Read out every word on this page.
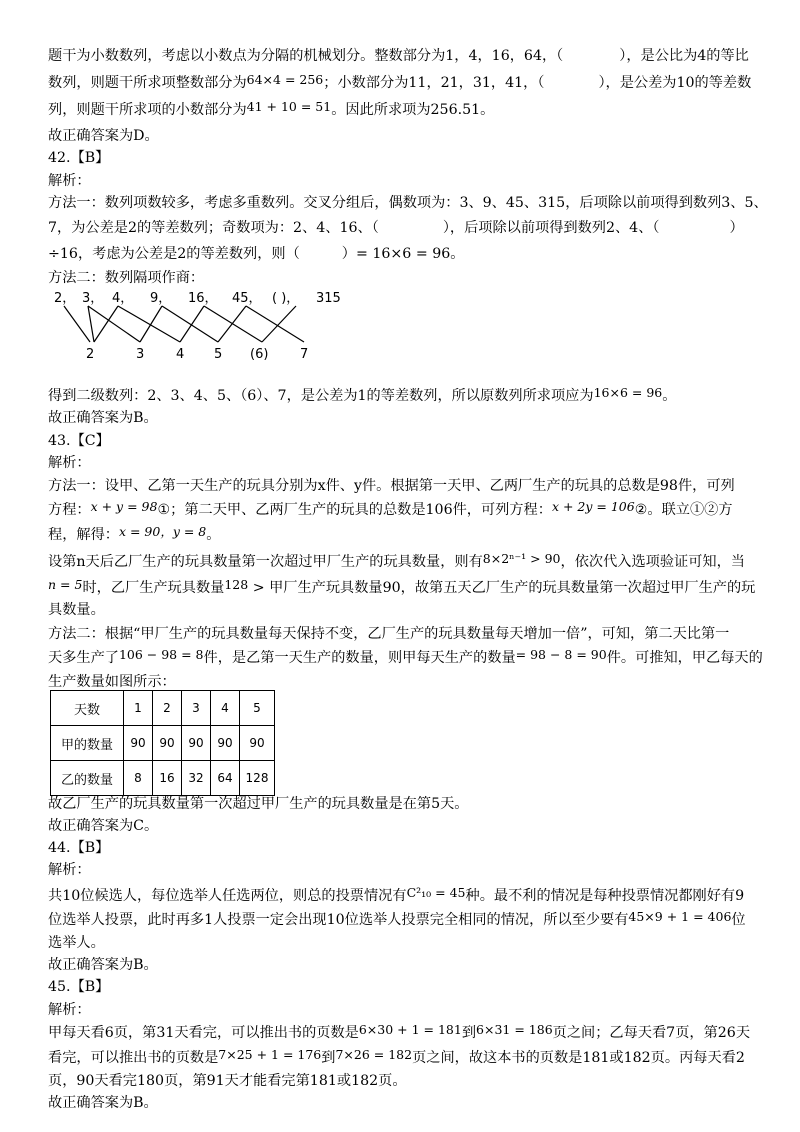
题干为小数数列，考虑以小数点为分隔的机械划分。整数部分为1，4，16，64，（	），是公比为4的等比
数列，则题干所求项整数部分为64×4 = 256；小数部分为11，21，31，41，（	），是公差为10的等差数
列，则题干所求项的小数部分为41 + 10 = 51。因此所求项为256.51。
故正确答案为D。
42.【B】
解析：
方法一：数列项数较多，考虑多重数列。交叉分组后，偶数项为：3、9、45、315，后项除以前项得到数列3、5、
7，为公差是2的等差数列；奇数项为：2、4、16、（	），后项除以前项得到数列2、4、（	）
÷16，考虑为公差是2的等差数列，则（	）= 16×6 = 96。
方法二：数列隔项作商：
2， 3， 4， 9， 16， 45， ( )， 315
2	3 4 5 (6) 7
得到二级数列：2、3、4、5、（6）、7，是公差为1的等差数列，所以原数列所求项应为16×6 = 96。
故正确答案为B。
43.【C】
解析：
方法一：设甲、乙第一天生产的玩具分别为x件、y件。根据第一天甲、乙两厂生产的玩具的总数是98件，可列
方程：x + y = 98①；第二天甲、乙两厂生产的玩具的总数是106件，可列方程：x + 2y = 106②。联立①②方
程，解得：x = 90，y = 8。
设第n天后乙厂生产的玩具数量第一次超过甲厂生产的玩具数量，则有8×2ⁿ⁻¹ > 90，依次代入选项验证可知，当
n = 5时，乙厂生产玩具数量128 > 甲厂生产玩具数量90，故第五天乙厂生产的玩具数量第一次超过甲厂生产的玩
具数量。
方法二：根据“甲厂生产的玩具数量每天保持不变，乙厂生产的玩具数量每天增加一倍”，可知，第二天比第一
天多生产了106 − 98 = 8件，是乙第一天生产的数量，则甲每天生产的数量= 98 − 8 = 90件。可推知，甲乙每天的
生产数量如图所示：
天数	1	2	3	4	5
甲的数量	90	90	90	90	90
乙的数量	8	16	32	64	128
故乙厂生产的玩具数量第一次超过甲厂生产的玩具数量是在第5天。
故正确答案为C。
44.【B】
解析：
共10位候选人，每位选举人任选两位，则总的投票情况有C²₁₀ = 45种。最不利的情况是每种投票情况都刚好有9
位选举人投票，此时再多1人投票一定会出现10位选举人投票完全相同的情况，所以至少要有45×9 + 1 = 406位
选举人。
故正确答案为B。
45.【B】
解析：
甲每天看6页，第31天看完，可以推出书的页数是6×30 + 1 = 181到6×31 = 186页之间；乙每天看7页，第26天
看完，可以推出书的页数是7×25 + 1 = 176到7×26 = 182页之间，故这本书的页数是181或182页。丙每天看2
页，90天看完180页，第91天才能看完第181或182页。
故正确答案为B。
